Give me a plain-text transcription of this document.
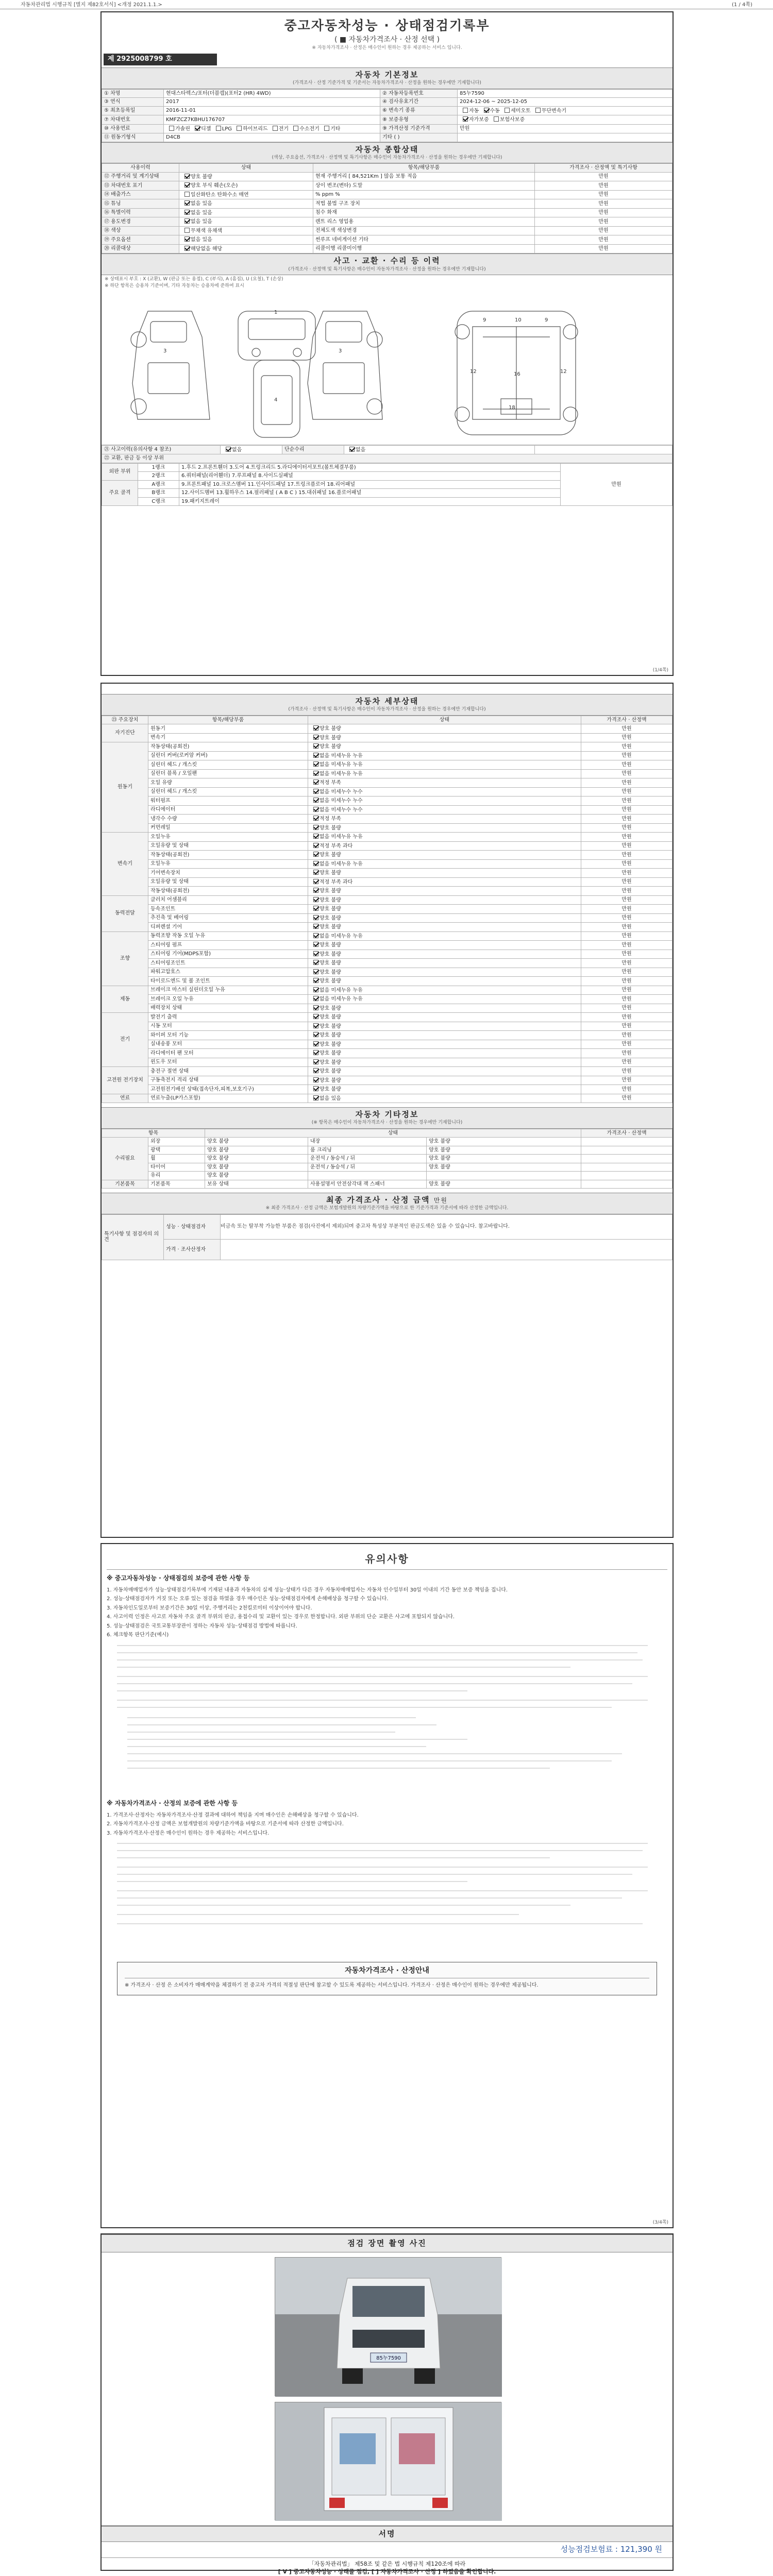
자동차관리법 시행규칙 [별지 제82호서식] <개정 2021.1.1.>	(1 / 4쪽)
중고자동차성능 · 상태점검기록부
( ■ 자동차가격조사 · 산정 선택 )
※ 자동차가격조사 · 산정은 매수인이 원하는 경우 제공하는 서비스 입니다.
제 2925008799 호
자동차 기본정보
(가격조사 · 산정 기준가격 및 기준서는 자동차가격조사 · 산정을 원하는 경우에만 기재합니다)
① 차명	현대스타렉스/포터(더블캡)(포터2 (HR) 4WD)	② 자동차등록번호	85누7590
③ 연식	2017	④ 검사유효기간	2024-12-06 ~ 2025-12-05
⑤ 최초등록일	2016-11-01	⑥ 변속기 종류	자동 수동 세미오토 무단변속기
⑦ 차대번호	KMFZCZ7KBHU176707	⑧ 보증유형	자가보증 보험사보증
⑩ 사용연료	가솔린 디젤 LPG 하이브리드 전기 수소전기 기타	⑨ 가격산정 기준가격	만원
⑪ 원동기형식	D4CB	기타 ( )	
자동차 종합상태
(색상, 주요옵션, 가격조사 · 산정액 및 특기사항은 매수인이 자동차가격조사 · 산정을 원하는 경우에만 기재합니다)
사용이력	상태	항목/해당부품	가격조사 · 산정액 및 특기사항
⑫ 주행거리 및 계기상태	양호 불량	현재 주행거리 [ 84,521Km ] 많음 보통 적음	만원
⑬ 차대번호 표기	양호 부식 훼손(오손)	상이 변조(변타) 도말	만원
⑭ 배출가스	일산화탄소 탄화수소 매연	% ppm %	만원
⑮ 튜닝	없음 있음	적법 불법 구조 장치	만원
⑯ 특별이력	없음 있음	침수 화재	만원
⑰ 용도변경	없음 있음	렌트 리스 영업용	만원
⑱ 색상	무채색 유채색	전체도색 색상변경	만원
⑲ 주요옵션	없음 있음	썬루프 네비게이션 기타	만원
⑳ 리콜대상	해당없음 해당	리콜이행 리콜미이행	만원
사고 · 교환 · 수리 등 이력
(가격조사 · 산정액 및 특기사항은 매수인이 자동차가격조사 · 산정을 원하는 경우에만 기재합니다)
※ 상태표시 부호 : X (교환), W (판금 또는 용접), C (부식), A (흠집), U (요철), T (손상)
※ 하단 항목은 승용차 기준이며, 기타 자동차는 승용차에 준하여 표시
1
4
3	3
10
12	12
16
9	9
18
㉑ 사고이력(유의사항 4 참조)	없음	단순수리	없음	
㉒ 교환, 판금 등 이상 부위
외판 부위	1랭크	1.후드 2.프론트휀더 3.도어 4.트렁크리드 5.라디에이터서포트(볼트체결부품)	만원
	2랭크	6.쿼터패널(리어휀더) 7.루프패널 8.사이드실패널	
주요 골격	A랭크	9.프론트패널 10.크로스멤버 11.인사이드패널 17.트렁크플로어 18.리어패널	
	B랭크	12.사이드멤버 13.휠하우스 14.필러패널 ( A B C ) 15.대쉬패널 16.플로어패널	
	C랭크	19.패키지트레이	
(1/4쪽)
자동차 세부상태
(가격조사 · 산정액 및 특기사항은 매수인이 자동차가격조사 · 산정을 원하는 경우에만 기재합니다)
㉓ 주요장치	항목/해당부품	상태	가격조사 · 산정액
자기진단	원동기	양호 불량	만원
	변속기	양호 불량	만원
원동기	작동상태(공회전)	양호 불량	만원
	실린더 커버(로커암 커버)	없음 미세누유 누유	만원
	실린더 헤드 / 개스킷	없음 미세누유 누유	만원
	실린더 블록 / 오일팬	없음 미세누유 누유	만원
	오일 유량	적정 부족	만원
	실린더 헤드 / 개스킷	없음 미세누수 누수	만원
	워터펌프	없음 미세누수 누수	만원
	라디에이터	없음 미세누수 누수	만원
	냉각수 수량	적정 부족	만원
	커먼레일	양호 불량	만원
변속기	오일누유	없음 미세누유 누유	만원
	오일유량 및 상태	적정 부족 과다	만원
	작동상태(공회전)	양호 불량	만원
	오일누유	없음 미세누유 누유	만원
	기어변속장치	양호 불량	만원
	오일유량 및 상태	적정 부족 과다	만원
	작동상태(공회전)	양호 불량	만원
동력전달	클러치 어셈블리	양호 불량	만원
	등속조인트	양호 불량	만원
	추진축 및 베어링	양호 불량	만원
	디퍼렌셜 기어	양호 불량	만원
조향	동력조향 작동 오일 누유	없음 미세누유 누유	만원
	스티어링 펌프	양호 불량	만원
	스티어링 기어(MDPS포함)	양호 불량	만원
	스티어링조인트	양호 불량	만원
	파워고압호스	양호 불량	만원
	타이로드엔드 및 볼 조인트	양호 불량	만원
제동	브레이크 마스터 실린더오일 누유	없음 미세누유 누유	만원
	브레이크 오일 누유	없음 미세누유 누유	만원
	배력장치 상태	양호 불량	만원
전기	발전기 출력	양호 불량	만원
	시동 모터	양호 불량	만원
	와이퍼 모터 기능	양호 불량	만원
	실내송풍 모터	양호 불량	만원
	라디에이터 팬 모터	양호 불량	만원
	윈도우 모터	양호 불량	만원
고전원 전기장치	충전구 절연 상태	양호 불량	만원
	구동축전지 격리 상태	양호 불량	만원
	고전원전기배선 상태(접속단자,피복,보호기구)	양호 불량	만원
연료	연료누출(LP가스포함)	없음 있음	만원
자동차 기타정보
(※ 항목은 매수인이 자동차가격조사 · 산정을 원하는 경우에만 기재합니다)
항목		상태			가격조사 · 산정액
수리필요	외장	양호 불량	내장	양호 불량	
	광택	양호 불량	룸 크리닝	양호 불량	
	휠	양호 불량	운전석 / 동승석 / 뒤	양호 불량	
	타이어	양호 불량	운전석 / 동승석 / 뒤	양호 불량	
	유리	양호 불량			
기본품목	기본품목	보유 상태	사용설명서 안전삼각대 잭 스패너	양호 불량	
최종 가격조사 · 산정 금액 만원
※ 최종 가격조사 · 산정 금액은 보험개발원의 차량기준가액을 바탕으로 한 기준가격과 기준서에 따라 산정한 금액입니다.
특기사항 및 점검자의 의견	성능 · 상태점검자	비금속 또는 탈부착 가능한 부품은 점검(사진에서 제외)되며 중고차 특성상 부분적인 판금도색은 있을 수 있습니다. 참고바랍니다.
	가격 · 조사산정자	
유의사항
※ 중고자동차성능 · 상태점검의 보증에 관한 사항 등
1. 자동차매매업자가 성능·상태점검기록부에 기재된 내용과 자동차의 실제 성능·상태가 다른 경우 자동차매매업자는 자동차 인수일부터 30일 이내의 기간 동안 보증 책임을 집니다.
2. 성능·상태점검자가 거짓 또는 오류 있는 점검을 하였을 경우 매수인은 성능·상태점검자에게 손해배상을 청구할 수 있습니다.
3. 자동차인도일로부터 보증기간은 30일 이상, 주행거리는 2천킬로미터 이상이어야 합니다.
4. 사고이력 인정은 사고로 자동차 주요 골격 부위의 판금, 용접수리 및 교환이 있는 경우로 한정합니다. 외판 부위의 단순 교환은 사고에 포함되지 않습니다.
5. 성능·상태점검은 국토교통부장관이 정하는 자동차 성능·상태점검 방법에 따릅니다.
6. 체크항목 판단기준(예시)
※ 자동차가격조사 · 산정의 보증에 관한 사항 등
1. 가격조사·산정자는 자동차가격조사·산정 결과에 대하여 책임을 지며 매수인은 손해배상을 청구할 수 있습니다.
2. 자동차가격조사·산정 금액은 보험개발원의 차량기준가액을 바탕으로 기준서에 따라 산정한 금액입니다.
3. 자동차가격조사·산정은 매수인이 원하는 경우 제공하는 서비스입니다.
자동차가격조사 · 산정안내
※ 가격조사 · 산정 은 소비자가 매매계약을 체결하기 전 중고차 가격의 적절성 판단에 참고할 수 있도록 제공하는 서비스입니다. 가격조사 · 산정은 매수인이 원하는 경우에만 제공됩니다.
(3/4쪽)
점검 장면 촬영 사진
85누7590
서명
성능점검보험료 : 121,390 원
「자동차관리법」 제58조 및 같은 법 시행규칙 제120조에 따라
[ V ] 중고자동차성능 · 상태를 점검, [ ] 자동차가격조사 · 산정 ] 하였음을 확인합니다.
